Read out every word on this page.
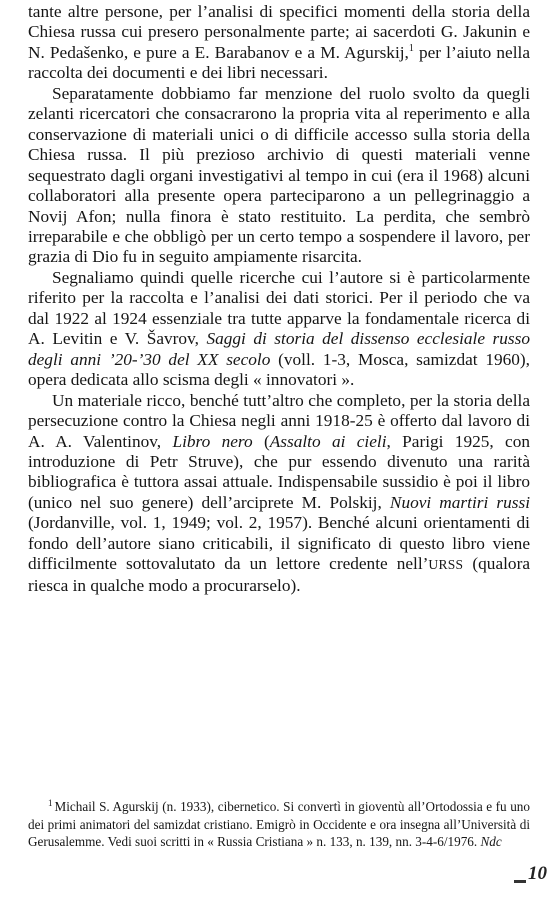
tante altre persone, per l’analisi di specifici momenti della storia della Chiesa russa cui presero personalmente parte; ai sacerdoti G. Jakunin e N. Pedašenko, e pure a E. Barabanov e a M. Agurskij,$^1$ per l’aiuto nella raccolta dei documenti e dei libri necessari.

Separatamente dobbiamo far menzione del ruolo svolto da quegli zelanti ricercatori che consacrarono la propria vita al reperimento e alla conservazione di materiali unici o di difficile accesso sulla storia della Chiesa russa. Il più prezioso archivio di questi materiali venne sequestrato dagli organi investigativi al tempo in cui (era il 1968) alcuni collaboratori alla presente opera parteciparono a un pellegrinaggio a Novij Afon; nulla finora è stato restituito. La perdita, che sembrò irreparabile e che obbligò per un certo tempo a sospendere il lavoro, per grazia di Dio fu in seguito ampiamente risarcita.

Segnaliamo quindi quelle ricerche cui l’autore si è particolarmente riferito per la raccolta e l’analisi dei dati storici. Per il periodo che va dal 1922 al 1924 essenziale tra tutte apparve la fondamentale ricerca di A. Levitin e V. Šavrov, Saggi di storia del dissenso ecclesiale russo degli anni ’20-’30 del XX secolo (voll. 1-3, Mosca, samizdat 1960), opera dedicata allo scisma degli « innovatori ».

Un materiale ricco, benché tutt’altro che completo, per la storia della persecuzione contro la Chiesa negli anni 1918-25 è offerto dal lavoro di A. A. Valentinov, Libro nero (Assalto ai cieli, Parigi 1925, con introduzione di Petr Struve), che pur essendo divenuto una rarità bibliografica è tuttora assai attuale. Indispensabile sussidio è poi il libro (unico nel suo genere) dell’arciprete M. Polskij, Nuovi martiri russi (Jordanville, vol. 1, 1949; vol. 2, 1957). Benché alcuni orientamenti di fondo dell’autore siano criticabili, il significato di questo libro viene difficilmente sottovalutato da un lettore credente nell’URSS (qualora riesca in qualche modo a procurarselo).

$^1$ Michail S. Agurskij (n. 1933), cibernetico. Si convertì in gioventù all’Ortodossia e fu uno dei primi animatori del samizdat cristiano. Emigrò in Occidente e ora insegna all’Università di Gerusalemme. Vedi suoi scritti in « Russia Cristiana » n. 133, n. 139, nn. 3-4-6/1976. Ndc

10
